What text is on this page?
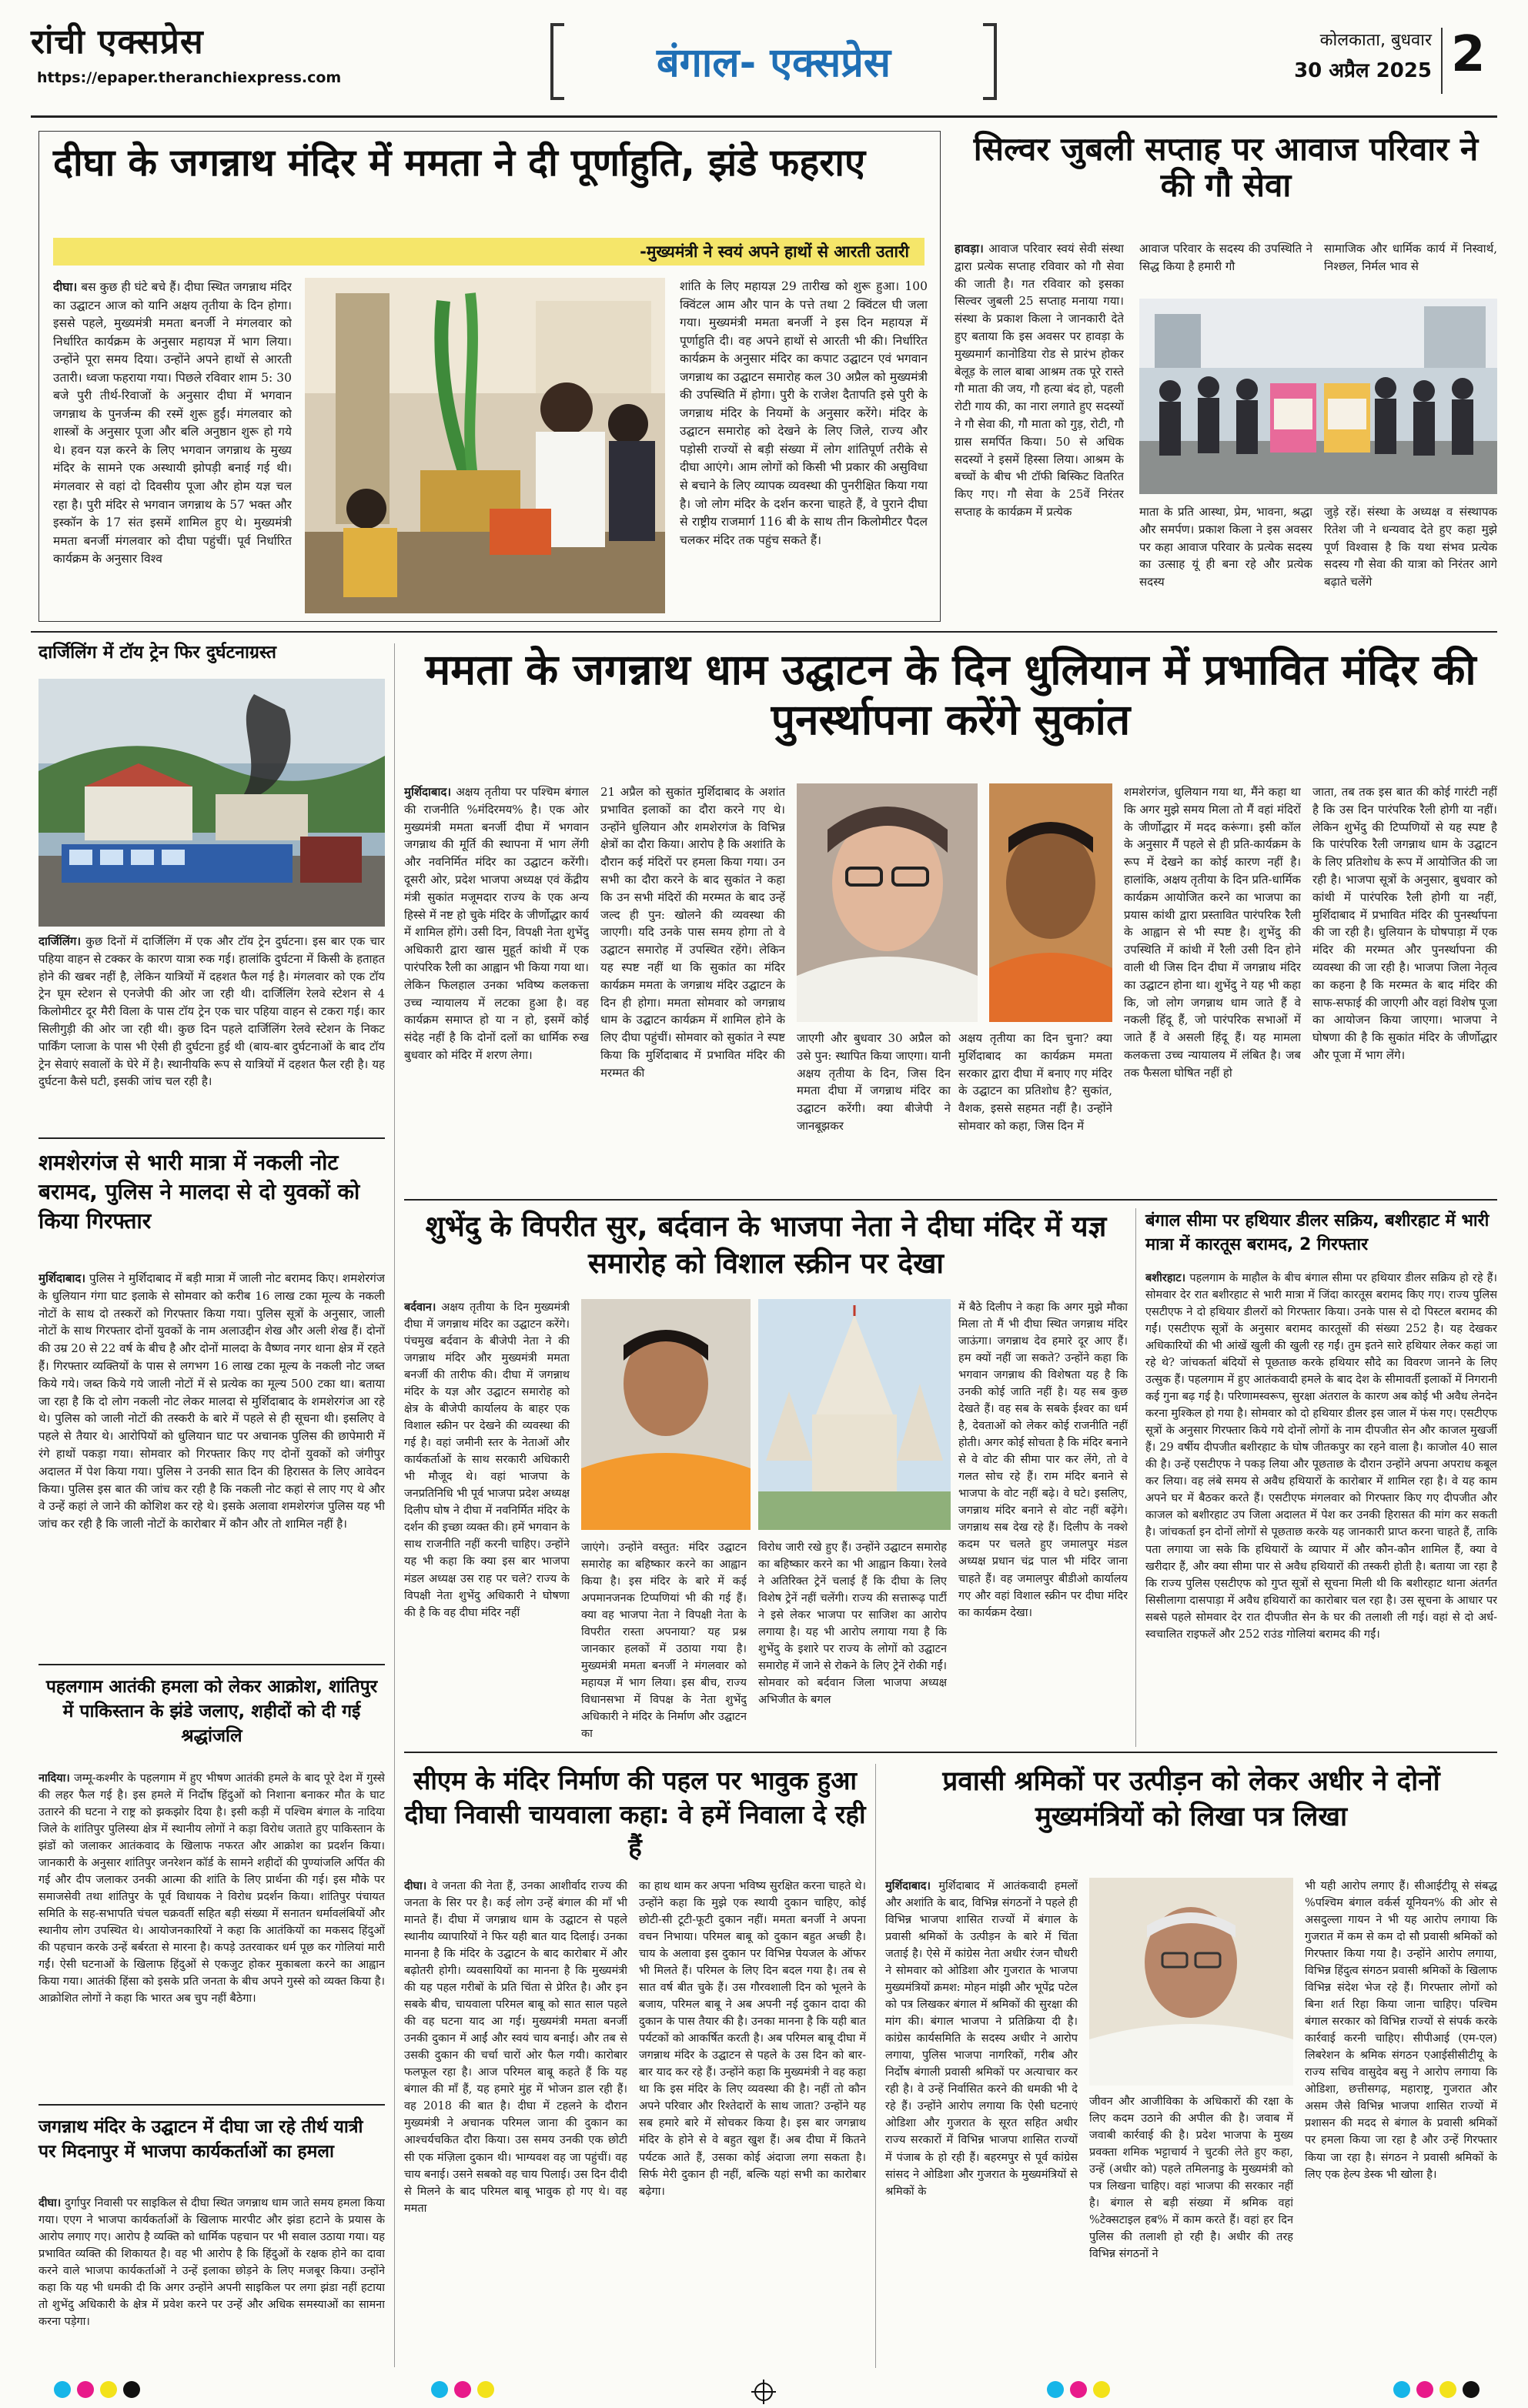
रांची एक्सप्रेस
https://epaper.theranchiexpress.com	बंगाल- एक्सप्रेस	कोलकाता, बुधवार
30 अप्रैल 2025 2
दीघा के जगन्नाथ मंदिर में ममता ने दी पूर्णाहुति, झंडे फहराए
-मुख्यमंत्री ने स्वयं अपने हाथों से आरती उतारी

दीघा। बस कुछ ही घंटे बचे हैं। दीघा स्थित जगन्नाथ मंदिर का उद्घाटन आज को यानि अक्षय तृतीया के दिन होगा। इससे पहले, मुख्यमंत्री ममता बनर्जी ने मंगलवार को निर्धारित कार्यक्रम के अनुसार महायज्ञ में भाग लिया। उन्होंने पूरा समय दिया। उन्होंने अपने हाथों से आरती उतारी। ध्वजा फहराया गया। पिछले रविवार शाम 5: 30 बजे पुरी तीर्थ-रिवाजों के अनुसार दीघा में भगवान जगन्नाथ के पुनर्जन्म की रस्में शुरू हुईं। मंगलवार को शास्त्रों के अनुसार पूजा और बलि अनुष्ठान शुरू हो गये थे। हवन यज्ञ करने के लिए भगवान जगन्नाथ के मुख्य मंदिर के सामने एक अस्थायी झोपड़ी बनाई गई थी। मंगलवार से वहां दो दिवसीय पूजा और होम यज्ञ चल रहा है। पुरी मंदिर से भगवान जगन्नाथ के 57 भक्त और इस्कॉन के 17 संत इसमें शामिल हुए थे। मुख्यमंत्री ममता बनर्जी मंगलवार को दीघा पहुंचीं। पूर्व निर्धारित कार्यक्रम के अनुसार विश्व

शांति के लिए महायज्ञ 29 तारीख को शुरू हुआ। 100 क्विंटल आम और पान के पत्ते तथा 2 क्विंटल घी जला गया। मुख्यमंत्री ममता बनर्जी ने इस दिन महायज्ञ में पूर्णाहुति दी। वह अपने हाथों से आरती भी की। निर्धारित कार्यक्रम के अनुसार मंदिर का कपाट उद्घाटन एवं भगवान जगन्नाथ का उद्घाटन समारोह कल 30 अप्रैल को मुख्यमंत्री की उपस्थिति में होगा। पुरी के राजेश दैतापति इसे पुरी के जगन्नाथ मंदिर के नियमों के अनुसार करेंगे। मंदिर के उद्घाटन समारोह को देखने के लिए जिले, राज्य और पड़ोसी राज्यों से बड़ी संख्या में लोग शांतिपूर्ण तरीके से दीघा आएंगे। आम लोगों को किसी भी प्रकार की असुविधा से बचाने के लिए व्यापक व्यवस्था की पुनरीक्षित किया गया है। जो लोग मंदिर के दर्शन करना चाहते हैं, वे पुराने दीघा से राष्ट्रीय राजमार्ग 116 बी के साथ तीन किलोमीटर पैदल चलकर मंदिर तक पहुंच सकते हैं।

सिल्वर जुबली सप्ताह पर आवाज परिवार ने की गौ सेवा

हावड़ा। आवाज परिवार स्वयं सेवी संस्था द्वारा प्रत्येक सप्ताह रविवार को गौ सेवा की जाती है। गत रविवार को इसका सिल्वर जुबली 25 सप्ताह मनाया गया। संस्था के प्रकाश किला ने जानकारी देते हुए बताया कि इस अवसर पर हावड़ा के मुख्यमार्ग कानोडिया रोड से प्रारंभ होकर बेलूड़ के लाल बाबा आश्रम तक पूरे रास्ते गौ माता की जय, गौ हत्या बंद हो, पहली रोटी गाय की, का नारा लगाते हुए सदस्यों ने गौ सेवा की, गौ माता को गुड़, रोटी, गौ ग्रास समर्पित किया। 50 से अधिक सदस्यों ने इसमें हिस्सा लिया। आश्रम के बच्चों के बीच भी टॉफी बिस्किट वितरित किए गए। गौ सेवा के 25वें निरंतर सप्ताह के कार्यक्रम में प्रत्येक

आवाज परिवार के सदस्य की उपस्थिति ने सिद्ध किया है हमारी गौ

सामाजिक और धार्मिक कार्य में निस्वार्थ, निश्छल, निर्मल भाव से

माता के प्रति आस्था, प्रेम, भावना, श्रद्धा और समर्पण। प्रकाश किला ने इस अवसर पर कहा आवाज परिवार के प्रत्येक सदस्य का उत्साह यूं ही बना रहे और प्रत्येक सदस्य

जुड़े रहें। संस्था के अध्यक्ष व संस्थापक रितेश जी ने धन्यवाद देते हुए कहा मुझे पूर्ण विश्वास है कि यथा संभव प्रत्येक सदस्य गौ सेवा की यात्रा को निरंतर आगे बढ़ाते चलेंगे

दार्जिलिंग में टॉय ट्रेन फिर दुर्घटनाग्रस्त

दार्जिलिंग। कुछ दिनों में दार्जिलिंग में एक और टॉय ट्रेन दुर्घटना। इस बार एक चार पहिया वाहन से टक्कर के कारण यात्रा रुक गई। हालांकि दुर्घटना में किसी के हताहत होने की खबर नहीं है, लेकिन यात्रियों में दहशत फैल गई है। मंगलवार को एक टॉय ट्रेन घूम स्टेशन से एनजेपी की ओर जा रही थी। दार्जिलिंग रेलवे स्टेशन से 4 किलोमीटर दूर मैरी विला के पास टॉय ट्रेन एक चार पहिया वाहन से टकरा गई। कार सिलीगुड़ी की ओर जा रही थी। कुछ दिन पहले दार्जिलिंग रेलवे स्टेशन के निकट पार्किंग प्लाजा के पास भी ऐसी ही दुर्घटना हुई थी (बाय-बार दुर्घटनाओं के बाद टॉय ट्रेन सेवाएं सवालों के घेरे में है। स्थानीयकि रूप से यात्रियों में दहशत फैल रही है। यह दुर्घटना कैसे घटी, इसकी जांच चल रही है।

शमशेरगंज से भारी मात्रा में नकली नोट बरामद, पुलिस ने मालदा से दो युवकों को किया गिरफ्तार

मुर्शिदाबाद। पुलिस ने मुर्शिदाबाद में बड़ी मात्रा में जाली नोट बरामद किए। शमशेरगंज के धुलियान गंगा घाट इलाके से सोमवार को करीब 16 लाख टका मूल्य के नकली नोटों के साथ दो तस्करों को गिरफ्तार किया गया। पुलिस सूत्रों के अनुसार, जाली नोटों के साथ गिरफ्तार दोनों युवकों के नाम अलाउद्दीन शेख और अली शेख हैं। दोनों की उम्र 20 से 22 वर्ष के बीच है और दोनों मालदा के वैष्णव नगर थाना क्षेत्र में रहते हैं। गिरफ्तार व्यक्तियों के पास से लगभग 16 लाख टका मूल्य के नकली नोट जब्त किये गये। जब्त किये गये जाली नोटों में से प्रत्येक का मूल्य 500 टका था। बताया जा रहा है कि दो लोग नकली नोट लेकर मालदा से मुर्शिदाबाद के शमशेरगंज आ रहे थे। पुलिस को जाली नोटों की तस्करी के बारे में पहले से ही सूचना थी। इसलिए वे पहले से तैयार थे। आरोपियों को धुलियान घाट पर अचानक पुलिस की छापेमारी में रंगे हाथों पकड़ा गया। सोमवार को गिरफ्तार किए गए दोनों युवकों को जंगीपुर अदालत में पेश किया गया। पुलिस ने उनकी सात दिन की हिरासत के लिए आवेदन किया। पुलिस इस बात की जांच कर रही है कि नकली नोट कहां से लाए गए थे और वे उन्हें कहां ले जाने की कोशिश कर रहे थे। इसके अलावा शमशेरगंज पुलिस यह भी जांच कर रही है कि जाली नोटों के कारोबार में कौन और तो शामिल नहीं है।

पहलगाम आतंकी हमला को लेकर आक्रोश, शांतिपुर में पाकिस्तान के झंडे जलाए, शहीदों को दी गई श्रद्धांजलि

नादिया। जम्मू-कश्मीर के पहलगाम में हुए भीषण आतंकी हमले के बाद पूरे देश में गुस्से की लहर फैल गई है। इस हमले में निर्दोष हिंदुओं को निशाना बनाकर मौत के घाट उतारने की घटना ने राष्ट्र को झकझोर दिया है। इसी कड़ी में पश्चिम बंगाल के नादिया जिले के शांतिपुर पुलिस्या क्षेत्र में स्थानीय लोगों ने कड़ा विरोध जताते हुए पाकिस्तान के झंडों को जलाकर आतंकवाद के खिलाफ नफरत और आक्रोश का प्रदर्शन किया। जानकारी के अनुसार शांतिपुर जनरेशन कॉर्ड के सामने शहीदों की पुण्यांजलि अर्पित की गई और दीप जलाकर उनकी आत्मा की शांति के लिए प्रार्थना की गई। इस मौके पर समाजसेवी तथा शांतिपुर के पूर्व विधायक ने विरोध प्रदर्शन किया। शांतिपुर पंचायत समिति के सह-सभापति चंचल चक्रवर्ती सहित बड़ी संख्या में सनातन धर्मावलंबियों और स्थानीय लोग उपस्थित थे। आयोजनकारियों ने कहा कि आतंकियों का मकसद हिंदुओं की पहचान करके उन्हें बर्बरता से मारना है। कपड़े उतरवाकर धर्म पूछ कर गोलियां मारी गईं। ऐसी घटनाओं के खिलाफ हिंदुओं से एकजुट होकर मुकाबला करने का आह्वान किया गया। आतंकी हिंसा को इसके प्रति जनता के बीच अपने गुस्से को व्यक्त किया है। आक्रोशित लोगों ने कहा कि भारत अब चुप नहीं बैठेगा।

जगन्नाथ मंदिर के उद्घाटन में दीघा जा रहे तीर्थ यात्री पर मिदनापुर में भाजपा कार्यकर्ताओं का हमला

दीघा। दुर्गापुर निवासी पर साइकिल से दीघा स्थित जगन्नाथ धाम जाते समय हमला किया गया। एएग ने भाजपा कार्यकर्ताओं के खिलाफ मारपीट और झंडा हटाने के प्रयास के आरोप लगाए गए। आरोप है व्यक्ति को धार्मिक पहचान पर भी सवाल उठाया गया। यह प्रभावित व्यक्ति की शिकायत है। वह भी आरोप है कि हिंदुओं के रक्षक होने का दावा करने वाले भाजपा कार्यकर्ताओं ने उन्हें इलाका छोड़ने के लिए मजबूर किया। उन्होंने कहा कि यह भी धमकी दी कि अगर उन्होंने अपनी साइकिल पर लगा झंडा नहीं हटाया तो शुभेंदु अधिकारी के क्षेत्र में प्रवेश करने पर उन्हें और अधिक समस्याओं का सामना करना पड़ेगा।

ममता के जगन्नाथ धाम उद्घाटन के दिन धुलियान में प्रभावित मंदिर की पुनर्स्थापना करेंगे सुकांत

मुर्शिदाबाद। अक्षय तृतीया पर पश्चिम बंगाल की राजनीति %मंदिरमय% है। एक ओर मुख्यमंत्री ममता बनर्जी दीघा में भगवान जगन्नाथ की मूर्ति की स्थापना में भाग लेंगी और नवनिर्मित मंदिर का उद्घाटन करेंगी। दूसरी ओर, प्रदेश भाजपा अध्यक्ष एवं केंद्रीय मंत्री सुकांत मजूमदार राज्य के एक अन्य हिस्से में नष्ट हो चुके मंदिर के जीर्णोद्धार कार्य में शामिल होंगे। उसी दिन, विपक्षी नेता शुभेंदु अधिकारी द्वारा खास मुहूर्त कांथी में एक पारंपरिक रैली का आह्वान भी किया गया था। लेकिन फिलहाल उनका भविष्य कलकत्ता उच्च न्यायालय में लटका हुआ है। वह कार्यक्रम समाप्त हो या न हो, इसमें कोई संदेह नहीं है कि दोनों दलों का धार्मिक रुख बुधवार को मंदिर में शरण लेगा।

21 अप्रैल को सुकांत मुर्शिदाबाद के अशांत प्रभावित इलाकों का दौरा करने गए थे। उन्होंने धुलियान और शमशेरगंज के विभिन्न क्षेत्रों का दौरा किया। आरोप है कि अशांति के दौरान कई मंदिरों पर हमला किया गया। उन सभी का दौरा करने के बाद सुकांत ने कहा कि उन सभी मंदिरों की मरम्मत के बाद उन्हें जल्द ही पुन: खोलने की व्यवस्था की जाएगी। यदि उनके पास समय होगा तो वे उद्घाटन समारोह में उपस्थित रहेंगे। लेकिन यह स्पष्ट नहीं था कि सुकांत का मंदिर कार्यक्रम ममता के जगन्नाथ मंदिर उद्घाटन के दिन ही होगा। ममता सोमवार को जगन्नाथ धाम के उद्घाटन कार्यक्रम में शामिल होने के लिए दीघा पहुंचीं। सोमवार को सुकांत ने स्पष्ट किया कि मुर्शिदाबाद में प्रभावित मंदिर की मरम्मत की

जाएगी और बुधवार 30 अप्रैल को उसे पुन: स्थापित किया जाएगा। यानी अक्षय तृतीया के दिन, जिस दिन ममता दीघा में जगन्नाथ मंदिर का उद्घाटन करेंगी। क्या बीजेपी ने जानबूझकर

अक्षय तृतीया का दिन चुना? क्या मुर्शिदाबाद का कार्यक्रम ममता सरकार द्वारा दीघा में बनाए गए मंदिर के उद्घाटन का प्रतिशोध है? सुकांत, वैशक, इससे सहमत नहीं है। उन्होंने सोमवार को कहा, जिस दिन में

शमशेरगंज, धुलियान गया था, मैंने कहा था कि अगर मुझे समय मिला तो मैं वहां मंदिरों के जीर्णोद्धार में मदद करूंगा। इसी कॉल के अनुसार मैं पहले से ही प्रति-कार्यक्रम के रूप में देखने का कोई कारण नहीं है। हालांकि, अक्षय तृतीया के दिन प्रति-धार्मिक कार्यक्रम आयोजित करने का भाजपा का प्रयास कांथी द्वारा प्रस्तावित पारंपरिक रैली के आह्वान से भी स्पष्ट है। शुभेंदु की उपस्थिति में कांथी में रैली उसी दिन होने वाली थी जिस दिन दीघा में जगन्नाथ मंदिर का उद्घाटन होना था। शुभेंदु ने यह भी कहा कि, जो लोग जगन्नाथ धाम जाते हैं वे नकली हिंदू हैं, जो पारंपरिक सभाओं में जाते हैं वे असली हिंदू हैं। यह मामला कलकत्ता उच्च न्यायालय में लंबित है। जब तक फैसला घोषित नहीं हो

जाता, तब तक इस बात की कोई गारंटी नहीं है कि उस दिन पारंपरिक रैली होगी या नहीं। लेकिन शुभेंदु की टिप्पणियों से यह स्पष्ट है कि पारंपरिक रैली जगन्नाथ धाम के उद्घाटन के लिए प्रतिशोध के रूप में आयोजित की जा रही है। भाजपा सूत्रों के अनुसार, बुधवार को कांथी में पारंपरिक रैली होगी या नहीं, मुर्शिदाबाद में प्रभावित मंदिर की पुनर्स्थापना की जा रही है। धुलियान के घोषपाड़ा में एक मंदिर की मरम्मत और पुनर्स्थापना की व्यवस्था की जा रही है। भाजपा जिला नेतृत्व का कहना है कि मरम्मत के बाद मंदिर की साफ-सफाई की जाएगी और वहां विशेष पूजा का आयोजन किया जाएगा। भाजपा ने घोषणा की है कि सुकांत मंदिर के जीर्णोद्धार और पूजा में भाग लेंगे।

शुभेंदु के विपरीत सुर, बर्दवान के भाजपा नेता ने दीघा मंदिर में यज्ञ समारोह को विशाल स्क्रीन पर देखा

बर्दवान। अक्षय तृतीया के दिन मुख्यमंत्री दीघा में जगन्नाथ मंदिर का उद्घाटन करेंगे। पंचमुख बर्दवान के बीजेपी नेता ने की जगन्नाथ मंदिर और मुख्यमंत्री ममता बनर्जी की तारीफ की। दीघा में जगन्नाथ मंदिर के यज्ञ और उद्घाटन समारोह को क्षेत्र के बीजेपी कार्यालय के बाहर एक विशाल स्क्रीन पर देखने की व्यवस्था की गई है। वहां जमीनी स्तर के नेताओं और कार्यकर्ताओं के साथ सरकारी अधिकारी भी मौजूद थे। वहां भाजपा के जनप्रतिनिधि भी पूर्व भाजपा प्रदेश अध्यक्ष दिलीप घोष ने दीघा में नवनिर्मित मंदिर के दर्शन की इच्छा व्यक्त की। हमें भगवान के साथ राजनीति नहीं करनी चाहिए। उन्होंने यह भी कहा कि क्या इस बार भाजपा मंडल अध्यक्ष उस राह पर चले? राज्य के विपक्षी नेता शुभेंदु अधिकारी ने घोषणा की है कि वह दीघा मंदिर नहीं

जाएंगे। उन्होंने वस्तुत: मंदिर उद्घाटन समारोह का बहिष्कार करने का आह्वान किया है। इस मंदिर के बारे में कई अपमानजनक टिप्पणियां भी की गई हैं। क्या वह भाजपा नेता ने विपक्षी नेता के विपरीत रास्ता अपनाया? यह प्रश्न जानकार हलकों में उठाया गया है। मुख्यमंत्री ममता बनर्जी ने मंगलवार को महायज्ञ में भाग लिया। इस बीच, राज्य विधानसभा में विपक्ष के नेता शुभेंदु अधिकारी ने मंदिर के निर्माण और उद्घाटन का

विरोध जारी रखे हुए हैं। उन्होंने उद्घाटन समारोह का बहिष्कार करने का भी आह्वान किया। रेलवे ने अतिरिक्त ट्रेनें चलाई हैं कि दीघा के लिए विशेष ट्रेनें नहीं चलेंगी। राज्य की सत्तारूढ़ पार्टी ने इसे लेकर भाजपा पर साजिश का आरोप लगाया है। यह भी आरोप लगाया गया है कि शुभेंदु के इशारे पर राज्य के लोगों को उद्घाटन समारोह में जाने से रोकने के लिए ट्रेनें रोकी गईं। सोमवार को बर्दवान जिला भाजपा अध्यक्ष अभिजीत के बगल

में बैठे दिलीप ने कहा कि अगर मुझे मौका मिला तो मैं भी दीघा स्थित जगन्नाथ मंदिर जाऊंगा। जगन्नाथ देव हमारे दूर आए हैं। हम क्यों नहीं जा सकते? उन्होंने कहा कि भगवान जगन्नाथ की विशेषता यह है कि उनकी कोई जाति नहीं है। यह सब कुछ देखते हैं। वह सब के सबके ईश्वर का धर्म है, देवताओं को लेकर कोई राजनीति नहीं होती। अगर कोई सोचता है कि मंदिर बनाने से वे वोट की सीमा पार कर लेंगे, तो वे गलत सोच रहे हैं। राम मंदिर बनाने से भाजपा के वोट नहीं बढ़े। वे घटे। इसलिए, जगन्नाथ मंदिर बनाने से वोट नहीं बढ़ेंगे। जगन्नाथ सब देख रहे हैं। दिलीप के नक्शे कदम पर चलते हुए जमालपुर मंडल अध्यक्ष प्रधान चंद्र पाल भी मंदिर जाना चाहते हैं। वह जमालपुर बीडीओ कार्यालय गए और वहां विशाल स्क्रीन पर दीघा मंदिर का कार्यक्रम देखा।

बंगाल सीमा पर हथियार डीलर सक्रिय, बशीरहाट में भारी मात्रा में कारतूस बरामद, 2 गिरफ्तार

बशीरहाट। पहलगाम के माहौल के बीच बंगाल सीमा पर हथियार डीलर सक्रिय हो रहे हैं। सोमवार देर रात बशीरहाट से भारी मात्रा में जिंदा कारतूस बरामद किए गए। राज्य पुलिस एसटीएफ ने दो हथियार डीलरों को गिरफ्तार किया। उनके पास से दो पिस्टल बरामद की गईं। एसटीएफ सूत्रों के अनुसार बरामद कारतूसों की संख्या 252 है। यह देखकर अधिकारियों की भी आंखें खुली की खुली रह गईं। तुम इतने सारे हथियार लेकर कहां जा रहे थे? जांचकर्ता बंदियों से पूछताछ करके हथियार सौदे का विवरण जानने के लिए उत्सुक हैं। पहलगाम में हुए आतंकवादी हमले के बाद देश के सीमावर्ती इलाकों में निगरानी कई गुना बढ़ गई है। परिणामस्वरूप, सुरक्षा अंतराल के कारण अब कोई भी अवैध लेनदेन करना मुश्किल हो गया है। सोमवार को दो हथियार डीलर इस जाल में फंस गए। एसटीएफ सूत्रों के अनुसार गिरफ्तार किये गये दोनों लोगों के नाम दीपजीत सेन और काजल मुखर्जी हैं। 29 वर्षीय दीपजीत बशीरहाट के घोष जीतकपुर का रहने वाला है। काजोल 40 साल की है। उन्हें एसटीएफ ने पकड़ लिया और पूछताछ के दौरान उन्होंने अपना अपराध कबूल कर लिया। वह लंबे समय से अवैध हथियारों के कारोबार में शामिल रहा है। वे यह काम अपने घर में बैठकर करते हैं। एसटीएफ मंगलवार को गिरफ्तार किए गए दीपजीत और काजल को बशीरहाट उप जिला अदालत में पेश कर उनकी हिरासत की मांग कर सकती है। जांचकर्ता इन दोनों लोगों से पूछताछ करके यह जानकारी प्राप्त करना चाहते हैं, ताकि पता लगाया जा सके कि हथियारों के व्यापार में और कौन-कौन शामिल हैं, क्या वे खरीदार हैं, और क्या सीमा पार से अवैध हथियारों की तस्करी होती है। बताया जा रहा है कि राज्य पुलिस एसटीएफ को गुप्त सूत्रों से सूचना मिली थी कि बशीरहाट थाना अंतर्गत सिसीलागा दासपाड़ा में अवैध हथियारों का कारोबार चल रहा है। उस सूचना के आधार पर सबसे पहले सोमवार देर रात दीपजीत सेन के घर की तलाशी ली गई। वहां से दो अर्ध-स्वचालित राइफलें और 252 राउंड गोलियां बरामद की गईं।

सीएम के मंदिर निर्माण की पहल पर भावुक हुआ दीघा निवासी चायवाला कहा: वे हमें निवाला दे रही हैं

दीघा। वे जनता की नेता हैं, उनका आशीर्वाद राज्य की जनता के सिर पर है। कई लोग उन्हें बंगाल की माँ भी मानते हैं। दीघा में जगन्नाथ धाम के उद्घाटन से पहले स्थानीय व्यापारियों ने फिर यही बात याद दिलाई। उनका मानना है कि मंदिर के उद्घाटन के बाद कारोबार में और बढ़ोतरी होगी। व्यवसायियों का मानना है कि मुख्यमंत्री की यह पहल गरीबों के प्रति चिंता से प्रेरित है। और इन सबके बीच, चायवाला परिमल बाबू को सात साल पहले की वह घटना याद आ गई। मुख्यमंत्री ममता बनर्जी उनकी दुकान में आईं और स्वयं चाय बनाई। और तब से उसकी दुकान की चर्चा चारों ओर फैल गयी। कारोबार फलफूल रहा है। आज परिमल बाबू कहते हैं कि यह बंगाल की माँ हैं, यह हमारे मुंह में भोजन डाल रही हैं। वह 2018 की बात है। दीघा में टहलने के दौरान मुख्यमंत्री ने अचानक परिमल जाना की दुकान का आश्चर्यचकित दौरा किया। उस समय उनकी एक छोटी सी एक मंज़िला दुकान थी। भाग्यवश वह जा पहुंचीं। वह चाय बनाई। उसने सबको वह चाय पिलाई। उस दिन दीदी से मिलने के बाद परिमल बाबू भावुक हो गए थे। वह ममता

का हाथ थाम कर अपना भविष्य सुरक्षित करना चाहते थे। उन्होंने कहा कि मुझे एक स्थायी दुकान चाहिए, कोई छोटी-सी टूटी-फूटी दुकान नहीं। ममता बनर्जी ने अपना वचन निभाया। परिमल बाबू को दुकान बहुत अच्छी है। चाय के अलावा इस दुकान पर विभिन्न पेयजल के ऑफर भी मिलते हैं। परिमल के लिए दिन बदल गया है। तब से सात वर्ष बीत चुके हैं। उस गौरवशाली दिन को भूलने के बजाय, परिमल बाबू ने अब अपनी नई दुकान दादा की दुकान के पास तैयार की है। उनका मानना है कि यही बात पर्यटकों को आकर्षित करती है। अब परिमल बाबू दीघा में जगन्नाथ मंदिर के उद्घाटन से पहले के उस दिन को बार-बार याद कर रहे हैं। उन्होंने कहा कि मुख्यमंत्री ने वह कहा था कि इस मंदिर के लिए व्यवस्था की है। नहीं तो कौन अपने परिवार और रिश्तेदारों के साथ जाता? उन्होंने यह सब हमारे बारे में सोचकर किया है। इस बार जगन्नाथ मंदिर के होने से वे बहुत खुश हैं। अब दीघा में कितने पर्यटक आते हैं, उसका कोई अंदाजा लगा सकता है। सिर्फ मेरी दुकान ही नहीं, बल्कि यहां सभी का कारोबार बढ़ेगा।

प्रवासी श्रमिकों पर उत्पीड़न को लेकर अधीर ने दोनों मुख्यमंत्रियों को लिखा पत्र लिखा

मुर्शिदाबाद। मुर्शिदाबाद में आतंकवादी हमलों और अशांति के बाद, विभिन्न संगठनों ने पहले ही विभिन्न भाजपा शासित राज्यों में बंगाल के प्रवासी श्रमिकों के उत्पीड़न के बारे में चिंता जताई है। ऐसे में कांग्रेस नेता अधीर रंजन चौधरी ने सोमवार को ओडिशा और गुजरात के भाजपा मुख्यमंत्रियों क्रमश: मोहन मांझी और भूपेंद्र पटेल को पत्र लिखकर बंगाल में श्रमिकों की सुरक्षा की मांग की। बंगाल भाजपा ने प्रतिक्रिया दी है। कांग्रेस कार्यसमिति के सदस्य अधीर ने आरोप लगाया, पुलिस भाजपा नागरिकों, गरीब और निर्दोष बंगाली प्रवासी श्रमिकों पर अत्याचार कर रही है। वे उन्हें निर्वासित करने की धमकी भी दे रहे हैं। उन्होंने आरोप लगाया कि ऐसी घटनाएं ओडिशा और गुजरात के सूरत सहित अधीर राज्य सरकारों में विभिन्न भाजपा शासित राज्यों में पंजाब के हो रही हैं। बहरमपुर से पूर्व कांग्रेस सांसद ने ओडिशा और गुजरात के मुख्यमंत्रियों से श्रमिकों के

जीवन और आजीविका के अधिकारों की रक्षा के लिए कदम उठाने की अपील की है। जवाब में जवाबी कार्रवाई की है। प्रदेश भाजपा के मुख्य प्रवक्ता शमिक भट्टाचार्य ने चुटकी लेते हुए कहा, उन्हें (अधीर को) पहले तमिलनाडु के मुख्यमंत्री को पत्र लिखना चाहिए। वहां भाजपा की सरकार नहीं है। बंगाल से बड़ी संख्या में श्रमिक वहां %टेक्सटाइल हब% में काम करते हैं। वहां हर दिन पुलिस की तलाशी हो रही है। अधीर की तरह विभिन्न संगठनों ने

भी यही आरोप लगाए हैं। सीआईटीयू से संबद्ध %पश्चिम बंगाल वर्कर्स यूनियन% की ओर से असदुल्ला गायन ने भी यह आरोप लगाया कि गुजरात में कम से कम दो सौ प्रवासी श्रमिकों को गिरफ्तार किया गया है। उन्होंने आरोप लगाया, विभिन्न हिंदुत्व संगठन प्रवासी श्रमिकों के खिलाफ विभिन्न संदेश भेज रहे हैं। गिरफ्तार लोगों को बिना शर्त रिहा किया जाना चाहिए। पश्चिम बंगाल सरकार को विभिन्न राज्यों से संपर्क करके कार्रवाई करनी चाहिए। सीपीआई (एम-एल) लिबरेशन के श्रमिक संगठन एआईसीसीटीयू के राज्य सचिव वासुदेव बसु ने आरोप लगाया कि ओडिशा, छत्तीसगढ़, महाराष्ट्र, गुजरात और असम जैसे विभिन्न भाजपा शासित राज्यों में प्रशासन की मदद से बंगाल के प्रवासी श्रमिकों पर हमला किया जा रहा है और उन्हें गिरफ्तार किया जा रहा है। संगठन ने प्रवासी श्रमिकों के लिए एक हेल्प डेस्क भी खोला है।
